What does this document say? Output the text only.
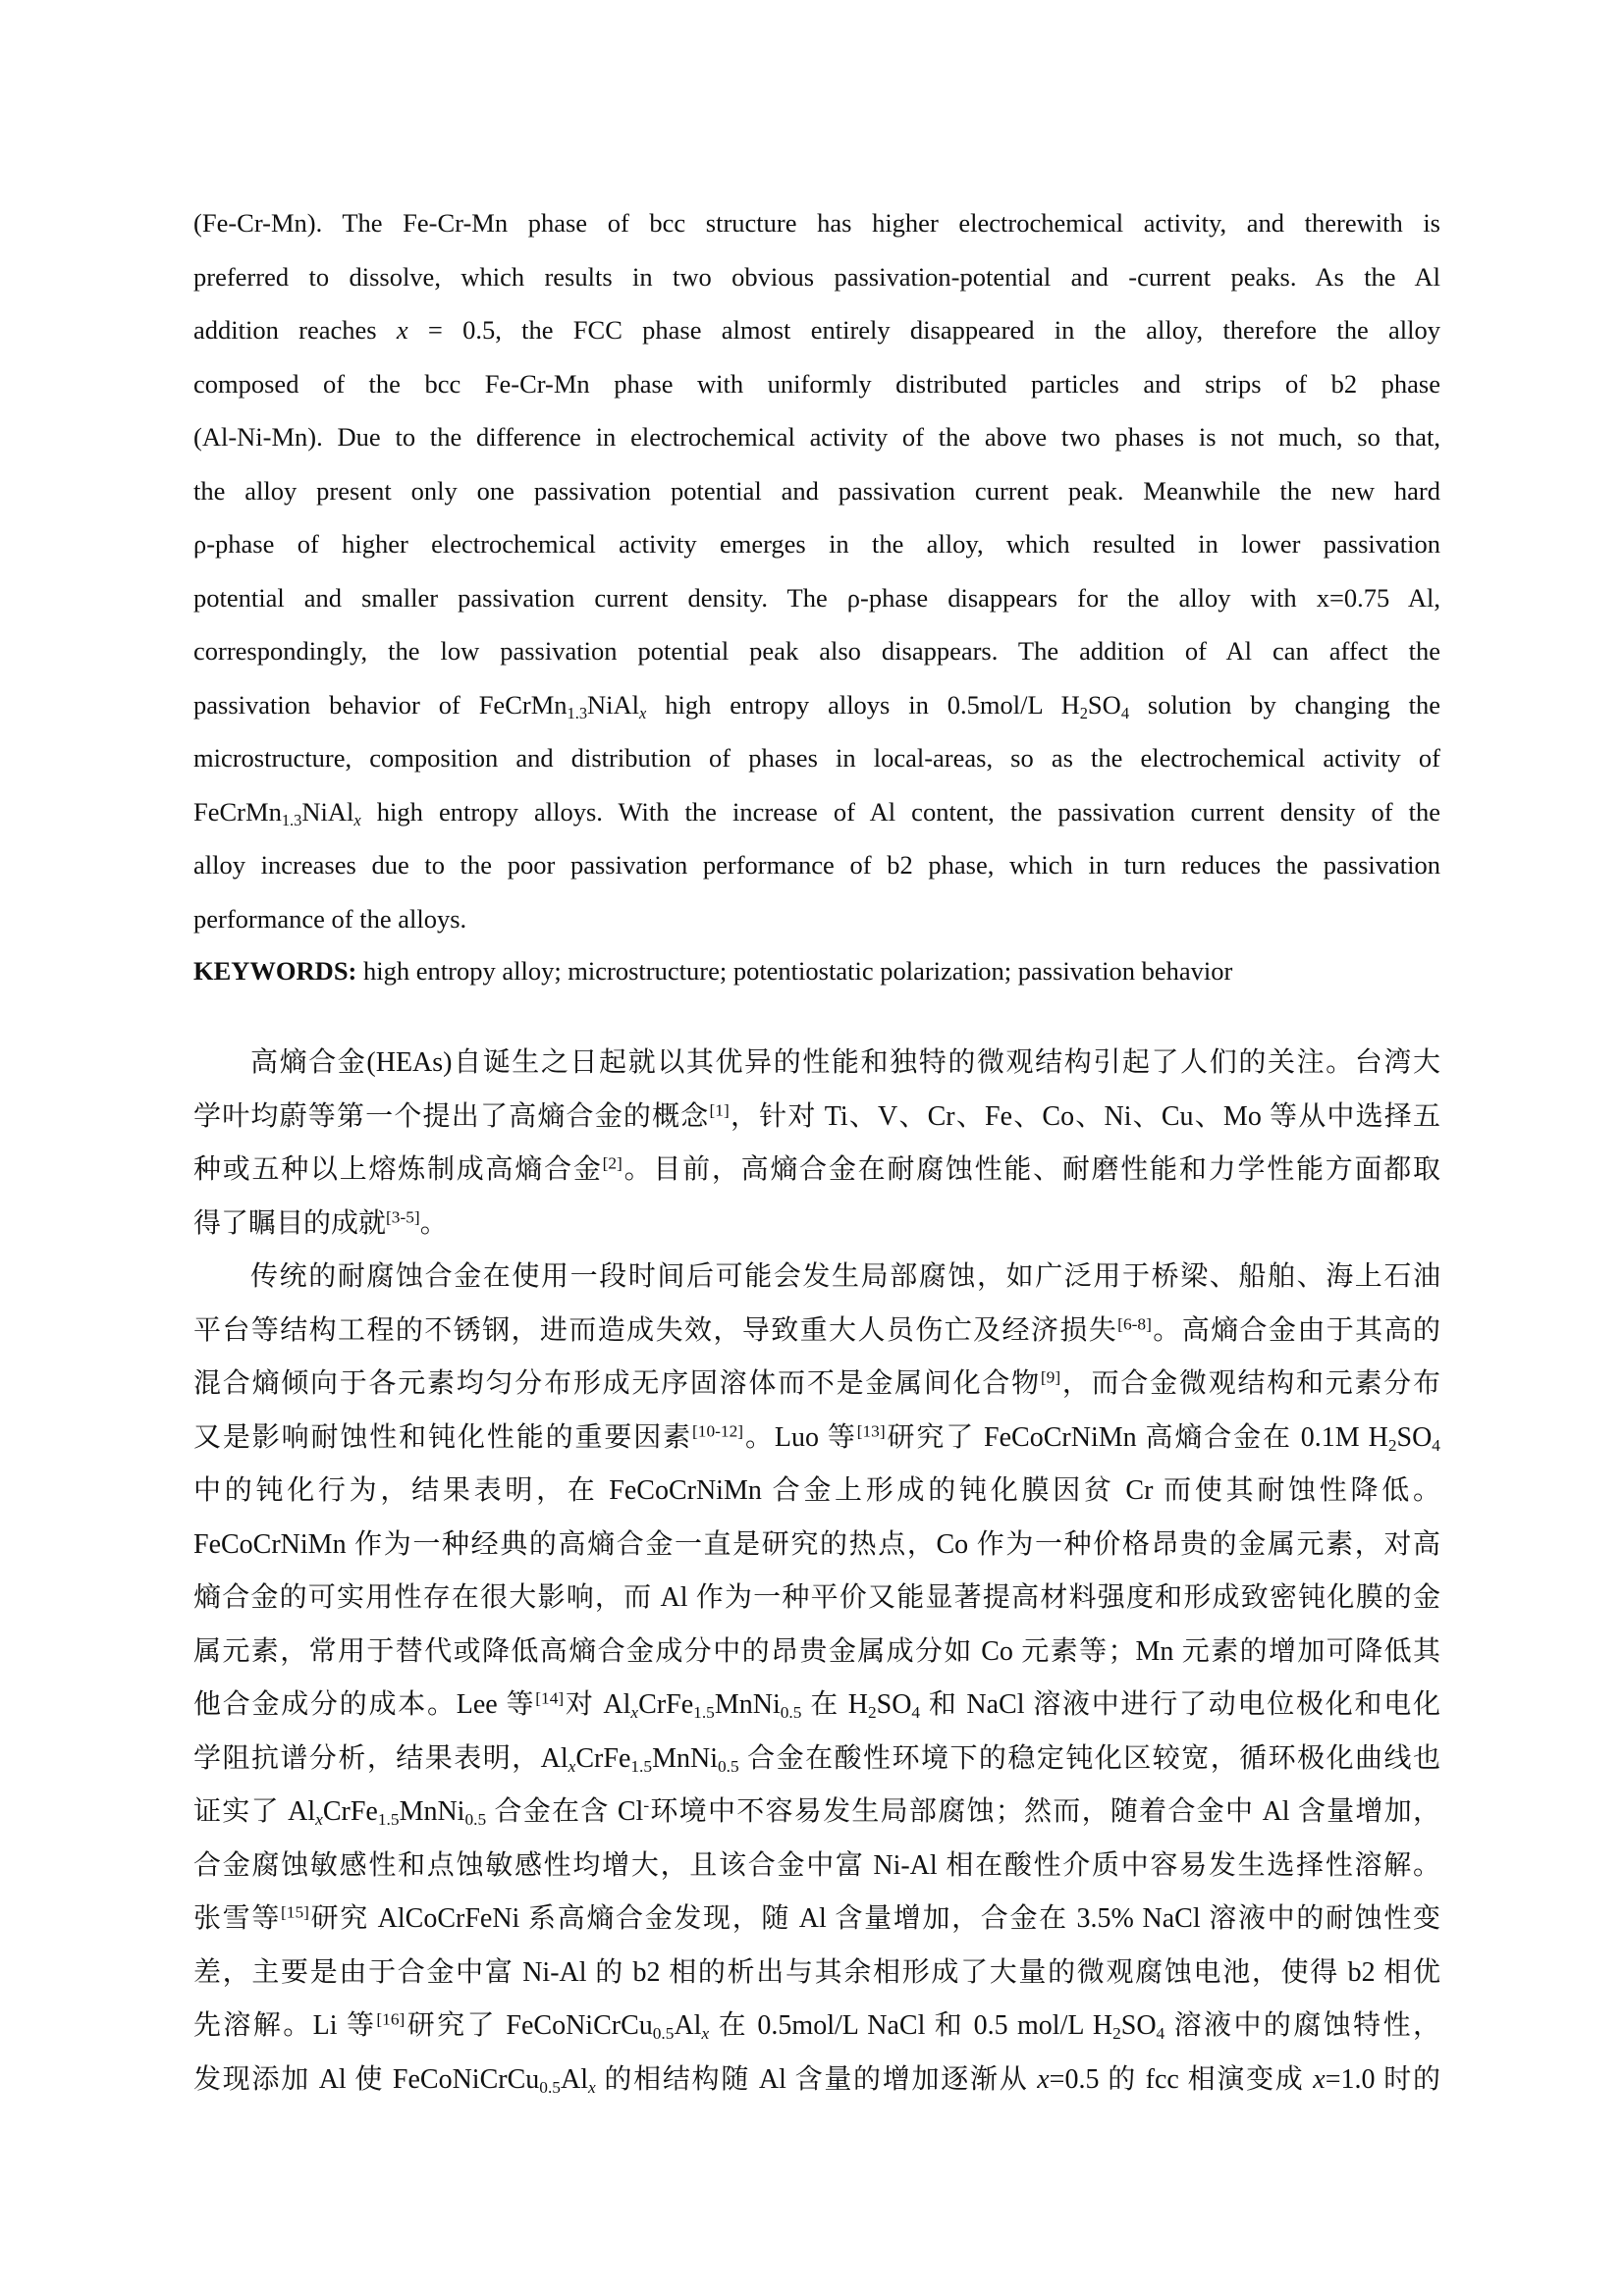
(Fe-Cr-Mn). The Fe-Cr-Mn phase of bcc structure has higher electrochemical activity, and therewith is
preferred to dissolve, which results in two obvious passivation-potential and -current peaks. As the Al
addition reaches x = 0.5, the FCC phase almost entirely disappeared in the alloy, therefore the alloy
composed of the bcc Fe-Cr-Mn phase with uniformly distributed particles and strips of b2 phase
(Al-Ni-Mn). Due to the difference in electrochemical activity of the above two phases is not much, so that,
the alloy present only one passivation potential and passivation current peak. Meanwhile the new hard
ρ-phase of higher electrochemical activity emerges in the alloy, which resulted in lower passivation
potential and smaller passivation current density. The ρ-phase disappears for the alloy with x=0.75 Al,
correspondingly, the low passivation potential peak also disappears. The addition of Al can affect the
passivation behavior of FeCrMn$_{1.3}$NiAl$_x$ high entropy alloys in 0.5mol/L $H_2SO_4$ solution by changing the
microstructure, composition and distribution of phases in local-areas, so as the electrochemical activity of
FeCrMn$_{1.3}$NiAl$_x$ high entropy alloys. With the increase of Al content, the passivation current density of the
alloy increases due to the poor passivation performance of b2 phase, which in turn reduces the passivation
performance of the alloys.
KEYWORDS: high entropy alloy; microstructure; potentiostatic polarization; passivation behavior
高熵合金(HEAs)自诞生之日起就以其优异的性能和独特的微观结构引起了人们的关注。台湾大
学叶均蔚等第一个提出了高熵合金的概念[1]，针对 Ti、V、Cr、Fe、Co、Ni、Cu、Mo 等从中选择五
种或五种以上熔炼制成高熵合金[2]。目前，高熵合金在耐腐蚀性能、耐磨性能和力学性能方面都取
得了瞩目的成就[3-5]。
传统的耐腐蚀合金在使用一段时间后可能会发生局部腐蚀，如广泛用于桥梁、船舶、海上石油
平台等结构工程的不锈钢，进而造成失效，导致重大人员伤亡及经济损失[6-8]。高熵合金由于其高的
混合熵倾向于各元素均匀分布形成无序固溶体而不是金属间化合物[9]，而合金微观结构和元素分布
又是影响耐蚀性和钝化性能的重要因素[10-12]。Luo 等[13]研究了 FeCoCrNiMn 高熵合金在 0.1M $H_2SO_4$
中的钝化行为，结果表明，在 FeCoCrNiMn 合金上形成的钝化膜因贫 Cr 而使其耐蚀性降低。
FeCoCrNiMn 作为一种经典的高熵合金一直是研究的热点，Co 作为一种价格昂贵的金属元素，对高
熵合金的可实用性存在很大影响，而 Al 作为一种平价又能显著提高材料强度和形成致密钝化膜的金
属元素，常用于替代或降低高熵合金成分中的昂贵金属成分如 Co 元素等；Mn 元素的增加可降低其
他合金成分的成本。Lee 等[14]对 $Al_xCrFe_{1.5}MnNi_{0.5}$ 在 $H_2SO_4$ 和 NaCl 溶液中进行了动电位极化和电化
学阻抗谱分析，结果表明，$Al_xCrFe_{1.5}MnNi_{0.5}$ 合金在酸性环境下的稳定钝化区较宽，循环极化曲线也
证实了 $Al_xCrFe_{1.5}MnNi_{0.5}$ 合金在含 Cl-环境中不容易发生局部腐蚀；然而，随着合金中 Al 含量增加，
合金腐蚀敏感性和点蚀敏感性均增大，且该合金中富 Ni-Al 相在酸性介质中容易发生选择性溶解。
张雪等[15]研究 AlCoCrFeNi 系高熵合金发现，随 Al 含量增加，合金在 3.5% NaCl 溶液中的耐蚀性变
差，主要是由于合金中富 Ni-Al 的 b2 相的析出与其余相形成了大量的微观腐蚀电池，使得 b2 相优
先溶解。Li 等[16]研究了 $FeCoNiCrCu_{0.5}Al_x$ 在 0.5mol/L NaCl 和 0.5 mol/L $H_2SO_4$ 溶液中的腐蚀特性，
发现添加 Al 使 $FeCoNiCrCu_{0.5}Al_x$ 的相结构随 Al 含量的增加逐渐从 x=0.5 的 fcc 相演变成 x=1.0 时的
